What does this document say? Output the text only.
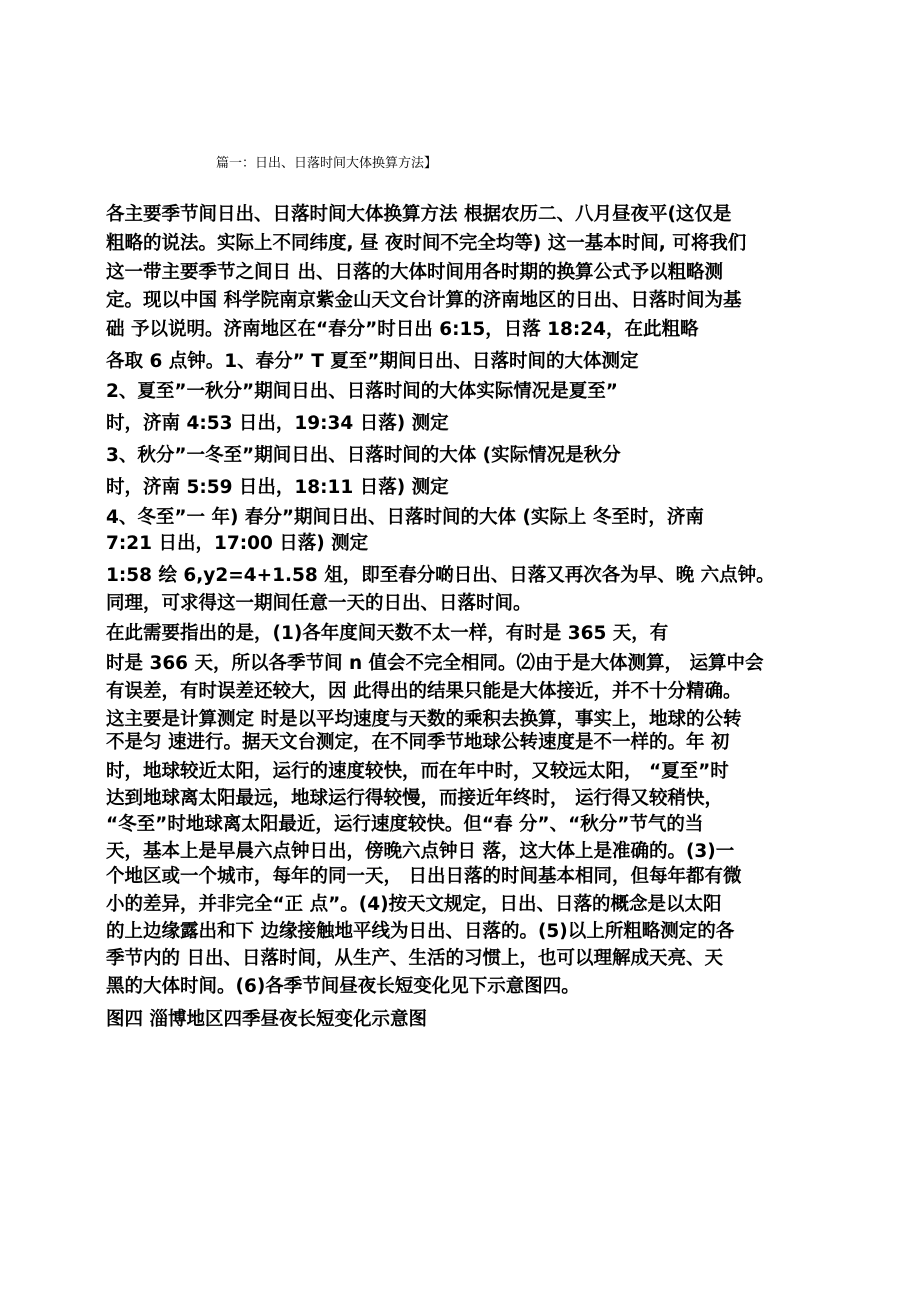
篇一：日出、日落时间大体换算方法】
各主要季节间日出、日落时间大体换算方法 根据农历二、八月昼夜平(这仅是
粗略的说法。实际上不同纬度, 昼 夜时间不完全均等) 这一基本时间, 可将我们
这一带主要季节之间日 出、日落的大体时间用各时期的换算公式予以粗略测
定。现以中国 科学院南京紫金山天文台计算的济南地区的日出、日落时间为基
础 予以说明。济南地区在“春分”时日出 6:15，日落 18:24，在此粗略
各取 6 点钟。1、春分” T 夏至”期间日出、日落时间的大体测定
2、夏至”一秋分”期间日出、日落时间的大体实际情况是夏至”
时，济南 4:53 日出，19:34 日落) 测定
3、秋分”一冬至”期间日出、日落时间的大体 (实际情况是秋分
时，济南 5:59 日出，18:11 日落) 测定
4、冬至”一 年) 春分”期间日出、日落时间的大体 (实际上 冬至时，济南
7:21 日出，17:00 日落) 测定
1:58 绘 6,y2=4+1.58 俎，即至春分啲日出、日落又再次各为早、晚 六点钟。
同理，可求得这一期间任意一天的日出、日落时间。
在此需要指出的是，(1)各年度间天数不太一样，有时是 365 天，有
时是 366 天，所以各季节间 n 值会不完全相同。⑵由于是大体测算， 运算中会
有误差，有时误差还较大，因 此得出的结果只能是大体接近，并不十分精确。
这主要是计算测定 时是以平均速度与天数的乘积去换算，事实上，地球的公转
不是匀 速进行。据天文台测定，在不同季节地球公转速度是不一样的。年 初
时，地球较近太阳，运行的速度较快，而在年中时，又较远太阳， “夏至”时
达到地球离太阳最远，地球运行得较慢，而接近年终时， 运行得又较稍快，
“冬至”时地球离太阳最近，运行速度较快。但“春 分”、“秋分”节气的当
天，基本上是早晨六点钟日出，傍晚六点钟日 落，这大体上是准确的。(3)一
个地区或一个城市，每年的同一天， 日出日落的时间基本相同，但每年都有微
小的差异，并非完全“正 点”。(4)按天文规定，日出、日落的概念是以太阳
的上边缘露出和下 边缘接触地平线为日出、日落的。(5)以上所粗略测定的各
季节内的 日出、日落时间，从生产、生活的习惯上，也可以理解成天亮、天
黑的大体时间。(6)各季节间昼夜长短变化见下示意图四。
图四 淄博地区四季昼夜长短变化示意图
